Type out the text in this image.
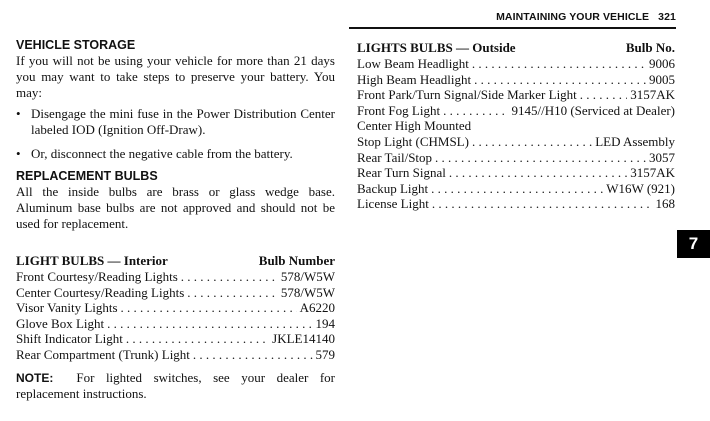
MAINTAINING YOUR VEHICLE 321
VEHICLE STORAGE

If you will not be using your vehicle for more than 21 days you may want to take steps to preserve your battery. You may:

• Disengage the mini fuse in the Power Distribution Center labeled IOD (Ignition Off-Draw).
• Or, disconnect the negative cable from the battery.
REPLACEMENT BULBS

All the inside bulbs are brass or glass wedge base. Aluminum base bulbs are not approved and should not be used for replacement.

LIGHT BULBS — Interior	Bulb Number
Front Courtesy/Reading Lights . . .	578/W5W
Center Courtesy/Reading Lights . . .	578/W5W
Visor Vanity Lights . . .	A6220
Glove Box Light . . .	194
Shift Indicator Light . . .	JKLE14140
Rear Compartment (Trunk) Light . . .	579

NOTE: For lighted switches, see your dealer for replacement instructions.

LIGHTS BULBS — Outside	Bulb No.
Low Beam Headlight . . .	9006
High Beam Headlight . . .	9005
Front Park/Turn Signal/Side Marker Light . . .	3157AK
Front Fog Light . . .	9145//H10 (Serviced at Dealer)
Center High Mounted
Stop Light (CHMSL) . . .	LED Assembly
Rear Tail/Stop . . .	3057
Rear Turn Signal . . .	3157AK
Backup Light . . .	W16W (921)
License Light . . .	168
7
